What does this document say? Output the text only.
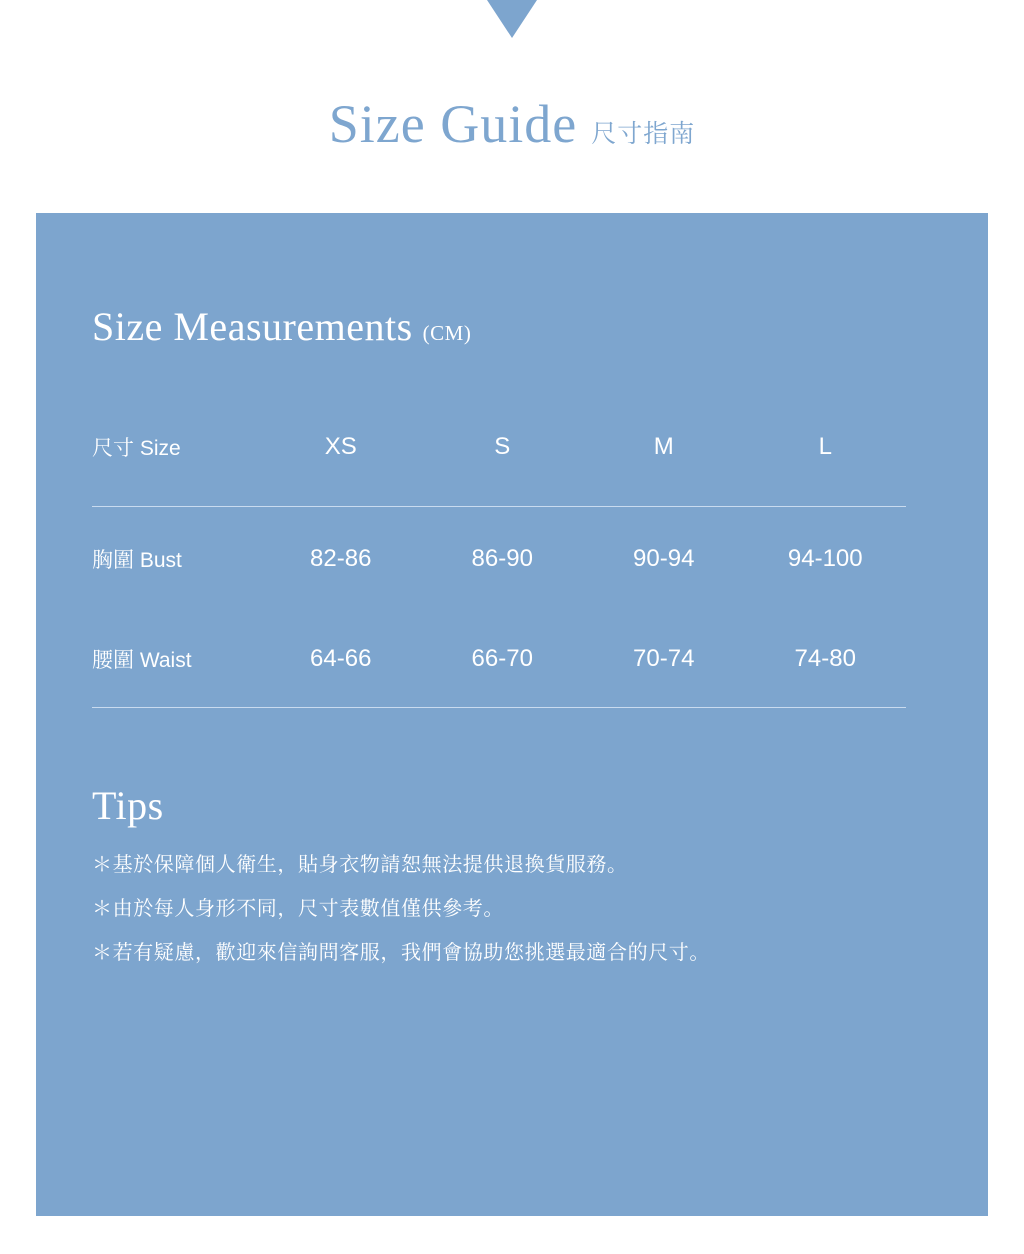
Size Guide 尺寸指南
Size Measurements (CM)
尺寸 Size	XS	S	M	L
胸圍 Bust	82-86	86-90	90-94	94-100
腰圍 Waist	64-66	66-70	70-74	74-80
Tips
＊基於保障個人衛生，貼身衣物請恕無法提供退換貨服務。
＊由於每人身形不同，尺寸表數值僅供參考。
＊若有疑慮，歡迎來信詢問客服，我們會協助您挑選最適合的尺寸。
